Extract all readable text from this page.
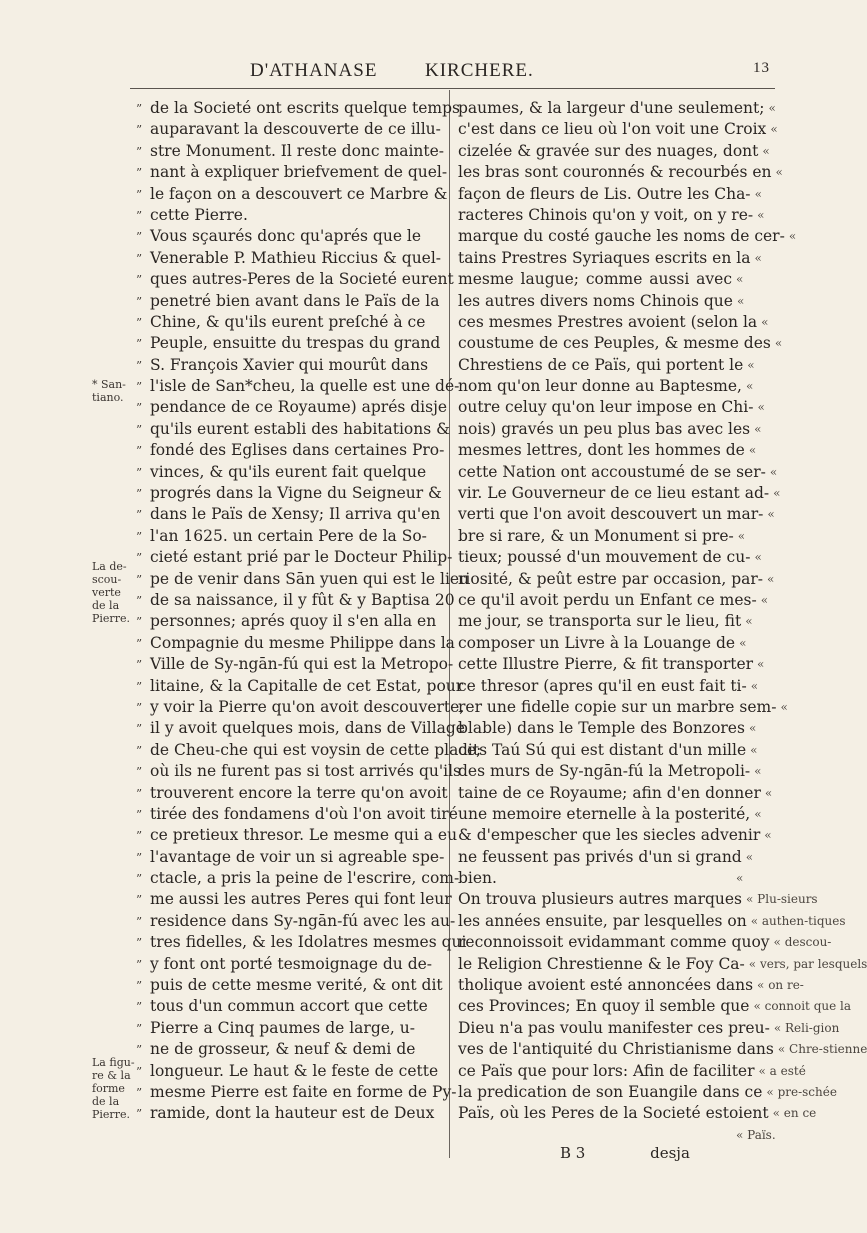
D'ATHANASE	KIRCHERE.	13
* San-tiano.
La de-scou-verte de la Pierre.
La figu-re & la forme de la Pierre.
” de la Societé ont escrits quelque temps
” auparavant la descouverte de ce illu-
” stre Monument. Il reste donc mainte-
” nant à expliquer briefvement de quel-
” le façon on a descouvert ce Marbre &
” cette Pierre.
” Vous sçaurés donc qu'aprés que le
” Venerable P. Mathieu Riccius & quel-
” ques autres-Peres de la Societé eurent
” penetré bien avant dans le Païs de la
” Chine, & qu'ils eurent preſché à ce
” Peuple, ensuitte du trespas du grand
” S. François Xavier qui mourût dans
” l'isle de San*cheu, la quelle est une dé-
” pendance de ce Royaume) aprés disje
” qu'ils eurent establi des habitations &
” fondé des Eglises dans certaines Pro-
” vinces, & qu'ils eurent fait quelque
” progrés dans la Vigne du Seigneur &
” dans le Païs de Xensy; Il arriva qu'en
” l'an 1625. un certain Pere de la So-
” cieté estant prié par le Docteur Philip-
” pe de venir dans Sān yuen qui est le lieu
” de sa naissance, il y fût & y Baptisa 20
” personnes; aprés quoy il s'en alla en
” Compagnie du mesme Philippe dans la
” Ville de Sy-ngān-fú qui est la Metropo-
” litaine, & la Capitalle de cet Estat, pour
” y voir la Pierre qu'on avoit descouverte,
” il y avoit quelques mois, dans de Village
” de Cheu-che qui est voysin de cette place;
” où ils ne furent pas si tost arrivés qu'ils
” trouverent encore la terre qu'on avoit
” tirée des fondamens d'où l'on avoit tiré
” ce pretieux thresor. Le mesme qui a eu
” l'avantage de voir un si agreable spe-
” ctacle, a pris la peine de l'escrire, com-
” me aussi les autres Peres qui font leur
” residence dans Sy-ngān-fú avec les au-
” tres fidelles, & les Idolatres mesmes qui
” y font ont porté tesmoignage du de-
” puis de cette mesme verité, & ont dit
” tous d'un commun accort que cette
” Pierre a Cinq paumes de large, u-
” ne de grosseur, & neuf & demi de
” longueur. Le haut & le feste de cette
” mesme Pierre est faite en forme de Py-
” ramide, dont la hauteur est de Deux
paumes, & la largeur d'une seulement; «
c'est dans ce lieu où l'on voit une Croix «
cizelée & gravée sur des nuages, dont «
les bras sont couronnés & recourbés en «
façon de fleurs de Lis. Outre les Cha- «
racteres Chinois qu'on y voit, on y re- «
marque du costé gauche les noms de cer- «
tains Prestres Syriaques escrits en la «
mesme laugue; comme aussi avec «
les autres divers noms Chinois que «
ces mesmes Prestres avoient (selon la «
coustume de ces Peuples, & mesme des «
Chrestiens de ce Païs, qui portent le «
nom qu'on leur donne au Baptesme, «
outre celuy qu'on leur impose en Chi- «
nois) gravés un peu plus bas avec les «
mesmes lettres, dont les hommes de «
cette Nation ont accoustumé de se ser- «
vir. Le Gouverneur de ce lieu estant ad- «
verti que l'on avoit descouvert un mar- «
bre si rare, & un Monument si pre- «
tieux; poussé d'un mouvement de cu- «
riosité, & peût estre par occasion, par- «
ce qu'il avoit perdu un Enfant ce mes- «
me jour, se transporta sur le lieu, fit «
composer un Livre à la Louange de «
cette Illustre Pierre, & fit transporter «
ce thresor (apres qu'il en eust fait ti- «
rer une fidelle copie sur un marbre sem- «
blable) dans le Temple des Bonzores «
dits Taú Sú qui est distant d'un mille «
des murs de Sy-ngān-fú la Metropoli- «
taine de ce Royaume; afin d'en donner «
une memoire eternelle à la posterité, «
& d'empescher que les siecles advenir «
ne feussent pas privés d'un si grand «
bien.	«
On trouva plusieurs autres marques « Plu-sieurs
les années ensuite, par lesquelles on « authen-tiques
reconnoissoit evidammant comme quoy « descou-
le Religion Chrestienne & le Foy Ca- « vers, par lesquels
tholique avoient esté annoncées dans « on re-
ces Provinces; En quoy il semble que « connoit que la
Dieu n'a pas voulu manifester ces preu- « Reli-gion
ves de l'antiquité du Christianisme dans « Chre-stienne
ce Païs que pour lors: Afin de faciliter « a esté
la predication de son Euangile dans ce « pre-schée
Païs, où les Peres de la Societé estoient « en ce
« Païs.
B 3	desja
